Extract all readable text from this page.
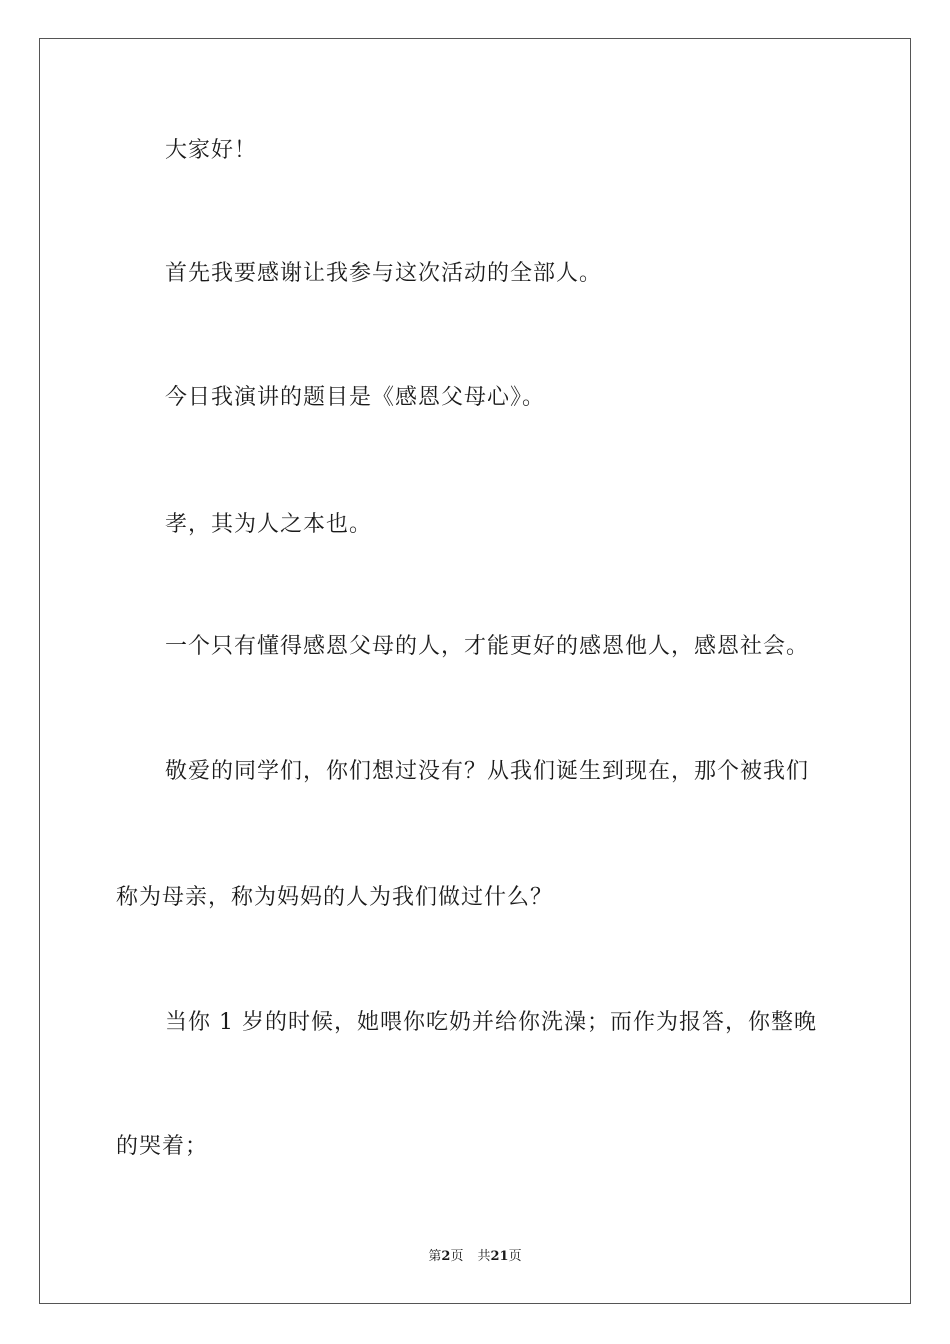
大家好！
首先我要感谢让我参与这次活动的全部人。
今日我演讲的题目是《感恩父母心》。
孝，其为人之本也。
一个只有懂得感恩父母的人，才能更好的感恩他人，感恩社会。
敬爱的同学们，你们想过没有？从我们诞生到现在，那个被我们
称为母亲，称为妈妈的人为我们做过什么？
当你 1 岁的时候，她喂你吃奶并给你洗澡；而作为报答，你整晚
的哭着；
第2页 共21页
